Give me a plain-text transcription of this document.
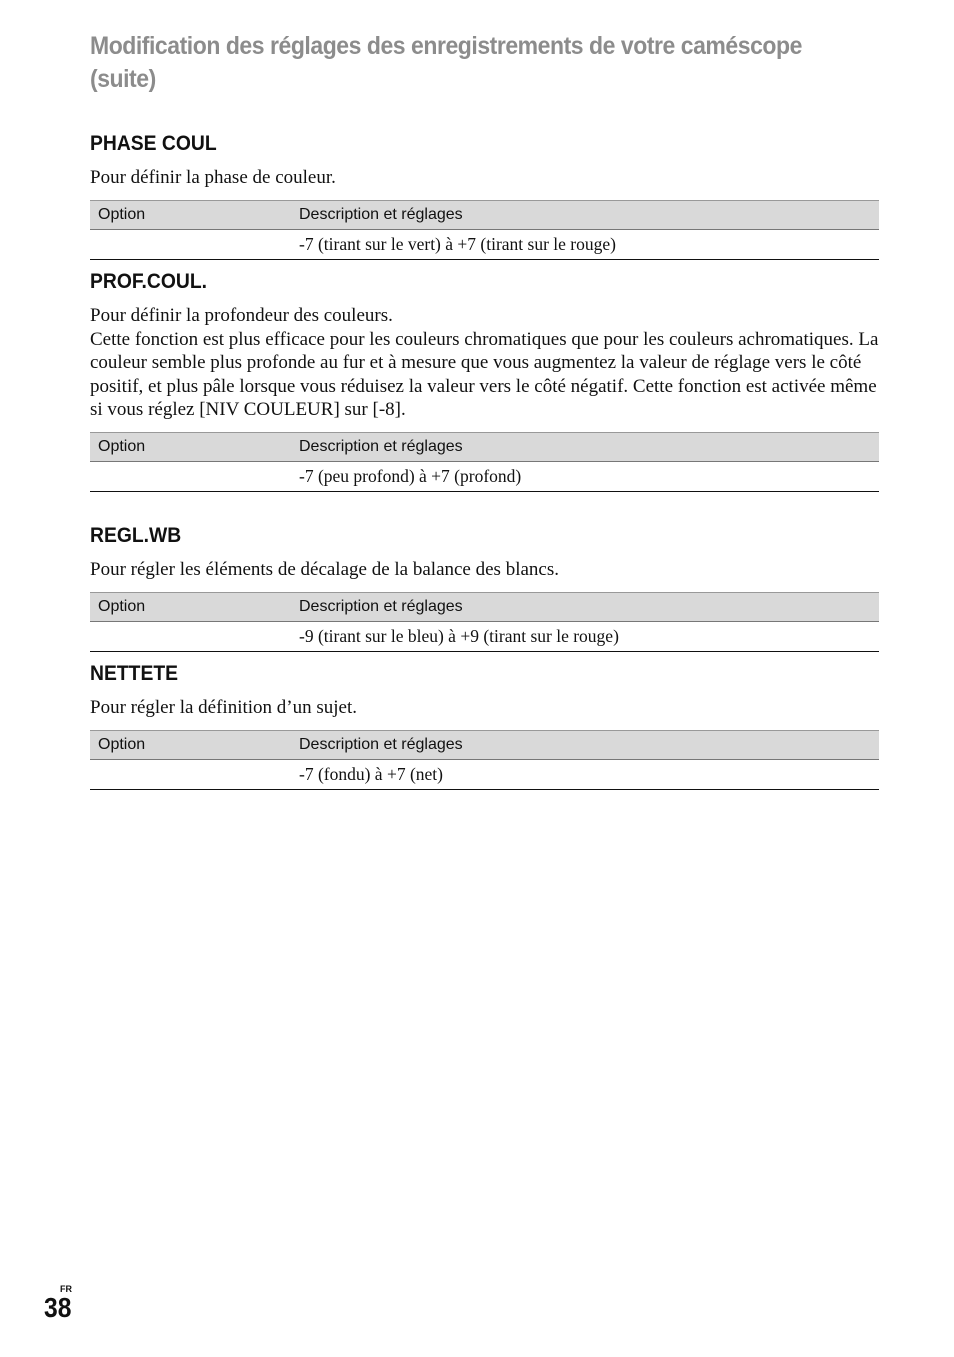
Modification des réglages des enregistrements de votre caméscope (suite)
PHASE COUL

Pour définir la phase de couleur.

Option	Description et réglages
	-7 (tirant sur le vert) à +7 (tirant sur le rouge)
PROF.COUL.

Pour définir la profondeur des couleurs.
Cette fonction est plus efficace pour les couleurs chromatiques que pour les couleurs achromatiques. La couleur semble plus profonde au fur et à mesure que vous augmentez la valeur de réglage vers le côté positif, et plus pâle lorsque vous réduisez la valeur vers le côté négatif. Cette fonction est activée même si vous réglez [NIV COULEUR] sur [-8].

Option	Description et réglages
	-7 (peu profond) à +7 (profond)
REGL.WB

Pour régler les éléments de décalage de la balance des blancs.

Option	Description et réglages
	-9 (tirant sur le bleu) à +9 (tirant sur le rouge)
NETTETE

Pour régler la définition d’un sujet.

Option	Description et réglages
	-7 (fondu) à +7 (net)
FR
38
